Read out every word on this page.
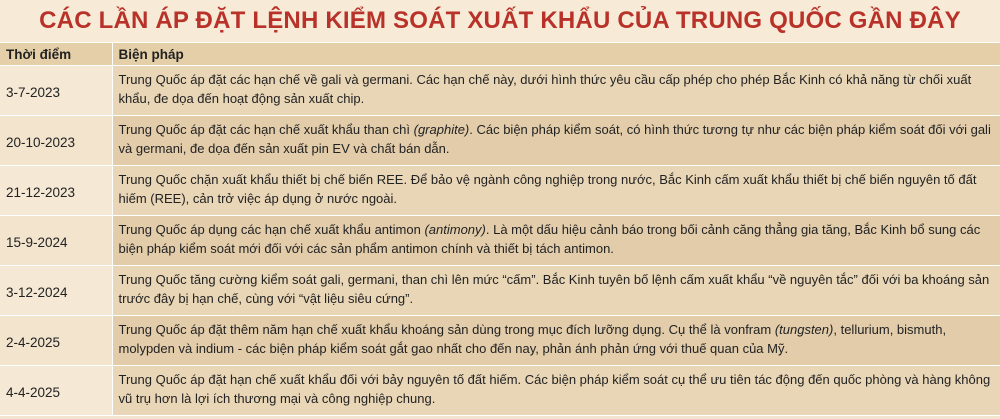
CÁC LẦN ÁP ĐẶT LỆNH KIỂM SOÁT XUẤT KHẨU CỦA TRUNG QUỐC GẦN ĐÂY
Thời điểm	Biện pháp
3-7-2023	Trung Quốc áp đặt các hạn chế về gali và germani. Các hạn chế này, dưới hình thức yêu cầu cấp phép cho phép Bắc Kinh có khả năng từ chối xuất khẩu, đe dọa đến hoạt động sản xuất chip.
20-10-2023	Trung Quốc áp đặt các hạn chế xuất khẩu than chì (graphite). Các biện pháp kiểm soát, có hình thức tương tự như các biện pháp kiểm soát đối với gali và germani, đe dọa đến sản xuất pin EV và chất bán dẫn.
21-12-2023	Trung Quốc chặn xuất khẩu thiết bị chế biến REE. Để bảo vệ ngành công nghiệp trong nước, Bắc Kinh cấm xuất khẩu thiết bị chế biến nguyên tố đất hiếm (REE), cản trở việc áp dụng ở nước ngoài.
15-9-2024	Trung Quốc áp dụng các hạn chế xuất khẩu antimon (antimony). Là một dấu hiệu cảnh báo trong bối cảnh căng thẳng gia tăng, Bắc Kinh bổ sung các biện pháp kiểm soát mới đối với các sản phẩm antimon chính và thiết bị tách antimon.
3-12-2024	Trung Quốc tăng cường kiểm soát gali, germani, than chì lên mức “cấm”. Bắc Kinh tuyên bố lệnh cấm xuất khẩu “về nguyên tắc” đối với ba khoáng sản trước đây bị hạn chế, cùng với “vật liệu siêu cứng”.
2-4-2025	Trung Quốc áp đặt thêm năm hạn chế xuất khẩu khoáng sản dùng trong mục đích lưỡng dụng. Cụ thể là vonfram (tungsten), tellurium, bismuth, molypden và indium - các biện pháp kiểm soát gắt gao nhất cho đến nay, phản ánh phản ứng với thuế quan của Mỹ.
4-4-2025	Trung Quốc áp đặt hạn chế xuất khẩu đối với bảy nguyên tố đất hiếm. Các biện pháp kiểm soát cụ thể ưu tiên tác động đến quốc phòng và hàng không vũ trụ hơn là lợi ích thương mại và công nghiệp chung.
